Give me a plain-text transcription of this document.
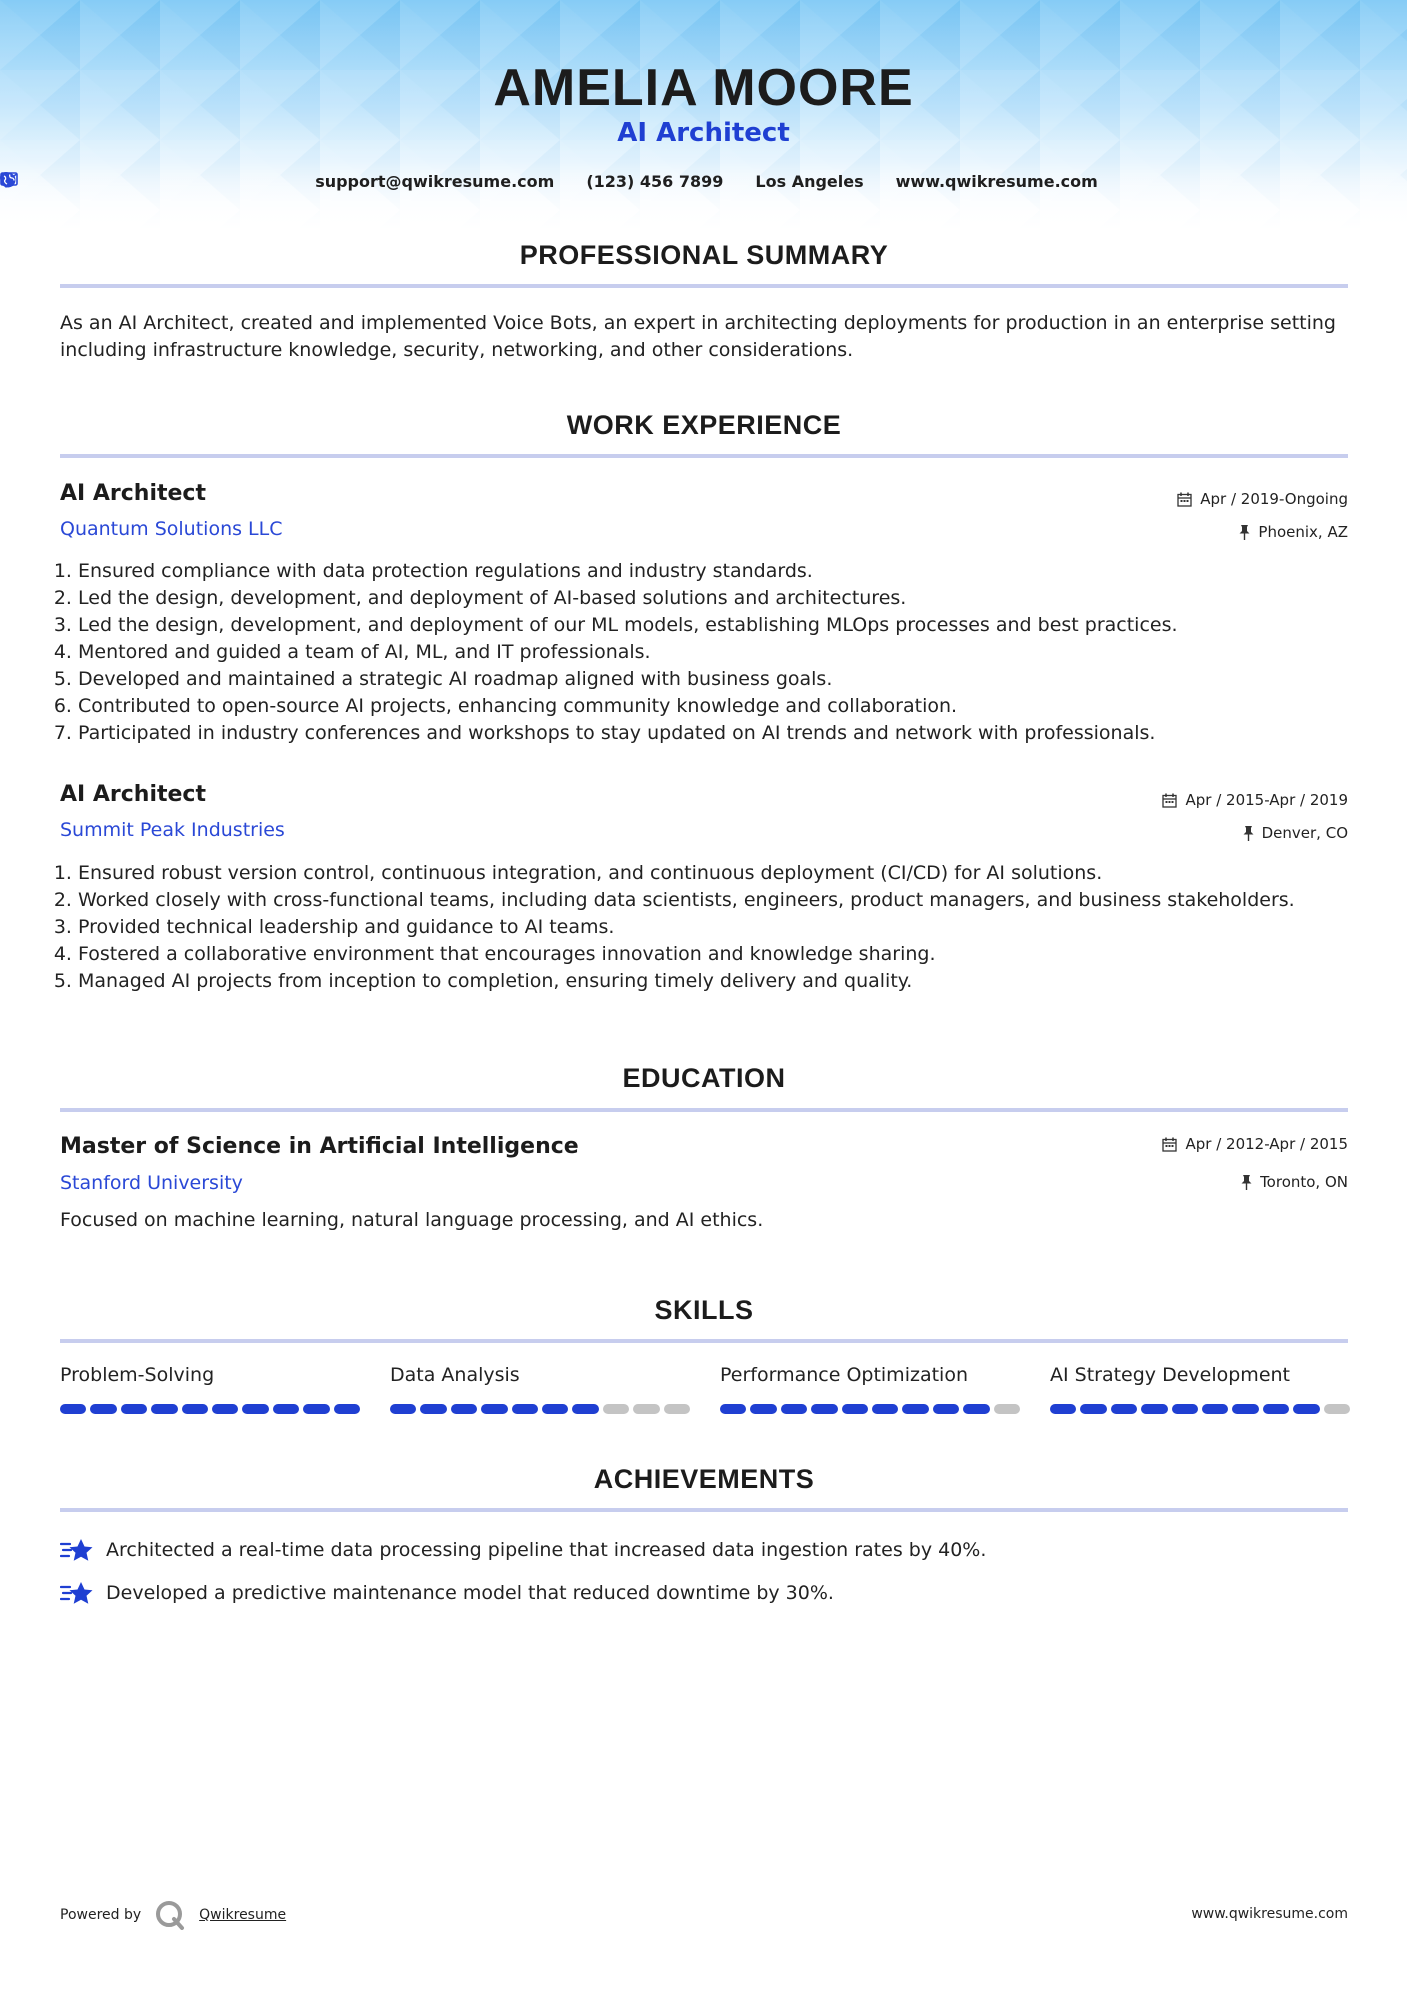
AMELIA MOORE
AI Architect
support@qwikresume.com (123) 456 7899 Los Angeles www.qwikresume.com
PROFESSIONAL SUMMARY
As an AI Architect, created and implemented Voice Bots, an expert in architecting deployments for production in an enterprise setting including infrastructure knowledge, security, networking, and other considerations.
WORK EXPERIENCE
AI Architect	Apr / 2019-Ongoing
Quantum Solutions LLC	Phoenix, AZ
1. Ensured compliance with data protection regulations and industry standards.
2. Led the design, development, and deployment of AI-based solutions and architectures.
3. Led the design, development, and deployment of our ML models, establishing MLOps processes and best practices.
4. Mentored and guided a team of AI, ML, and IT professionals.
5. Developed and maintained a strategic AI roadmap aligned with business goals.
6. Contributed to open-source AI projects, enhancing community knowledge and collaboration.
7. Participated in industry conferences and workshops to stay updated on AI trends and network with professionals.
AI Architect	Apr / 2015-Apr / 2019
Summit Peak Industries	Denver, CO
1. Ensured robust version control, continuous integration, and continuous deployment (CI/CD) for AI solutions.
2. Worked closely with cross-functional teams, including data scientists, engineers, product managers, and business stakeholders.
3. Provided technical leadership and guidance to AI teams.
4. Fostered a collaborative environment that encourages innovation and knowledge sharing.
5. Managed AI projects from inception to completion, ensuring timely delivery and quality.
EDUCATION
Master of Science in Artificial Intelligence	Apr / 2012-Apr / 2015
Stanford University	Toronto, ON
Focused on machine learning, natural language processing, and AI ethics.
SKILLS
Problem-Solving	Data Analysis	Performance Optimization	AI Strategy Development
ACHIEVEMENTS
Architected a real-time data processing pipeline that increased data ingestion rates by 40%.
Developed a predictive maintenance model that reduced downtime by 30%.
Powered by	Qwikresume	www.qwikresume.com
